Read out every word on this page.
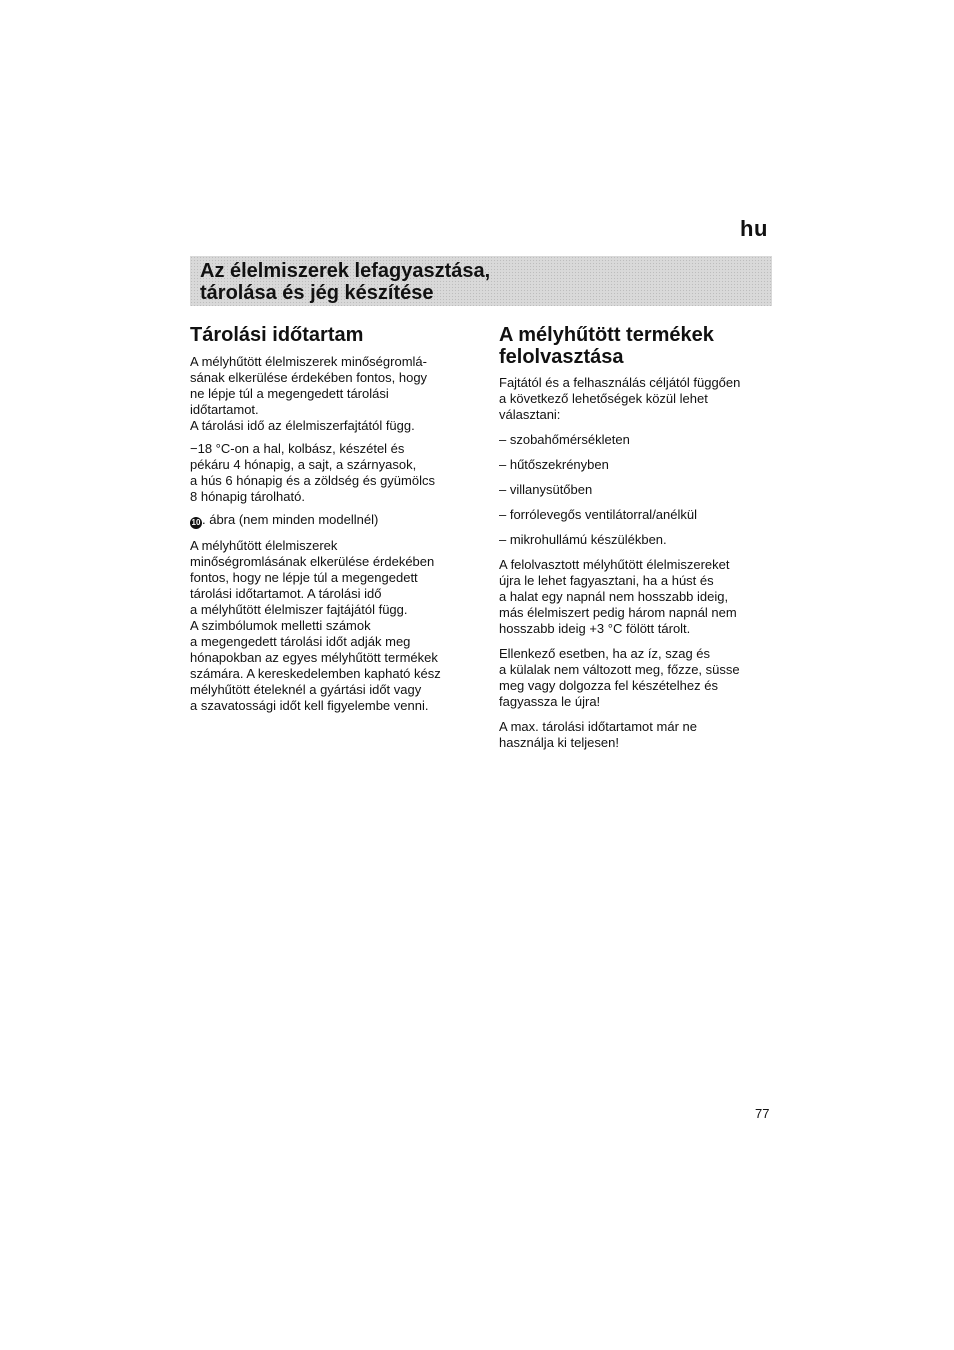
hu
Az élelmiszerek lefagyasztása,
tárolása és jég készítése
Tárolási időtartam

A mélyhűtött élelmiszerek minőségromlá-
sának elkerülése érdekében fontos, hogy
ne lépje túl a megengedett tárolási
időtartamot.
A tárolási idő az élelmiszerfajtától függ.

−18 °C-on a hal, kolbász, készétel és
pékáru 4 hónapig, a sajt, a szárnyasok,
a hús 6 hónapig és a zöldség és gyümölcs
8 hónapig tárolható.

10 . ábra (nem minden modellnél)

A mélyhűtött élelmiszerek
minőségromlásának elkerülése érdekében
fontos, hogy ne lépje túl a megengedett
tárolási időtartamot. A tárolási idő
a mélyhűtött élelmiszer fajtájától függ.
A szimbólumok melletti számok
a megengedett tárolási időt adják meg
hónapokban az egyes mélyhűtött termékek
számára. A kereskedelemben kapható kész
mélyhűtött ételeknél a gyártási időt vagy
a szavatossági időt kell figyelembe venni.

A mélyhűtött termékek
felolvasztása

Fajtától és a felhasználás céljától függően
a következő lehetőségek közül lehet
választani:

– szobahőmérsékleten

– hűtőszekrényben

– villanysütőben

– forrólevegős ventilátorral/anélkül

– mikrohullámú készülékben.

A felolvasztott mélyhűtött élelmiszereket
újra le lehet fagyasztani, ha a húst és
a halat egy napnál nem hosszabb ideig,
más élelmiszert pedig három napnál nem
hosszabb ideig +3 °C fölött tárolt.

Ellenkező esetben, ha az íz, szag és
a külalak nem változott meg, főzze, süsse
meg vagy dolgozza fel készételhez és
fagyassza le újra!

A max. tárolási időtartamot már ne
használja ki teljesen!

77
